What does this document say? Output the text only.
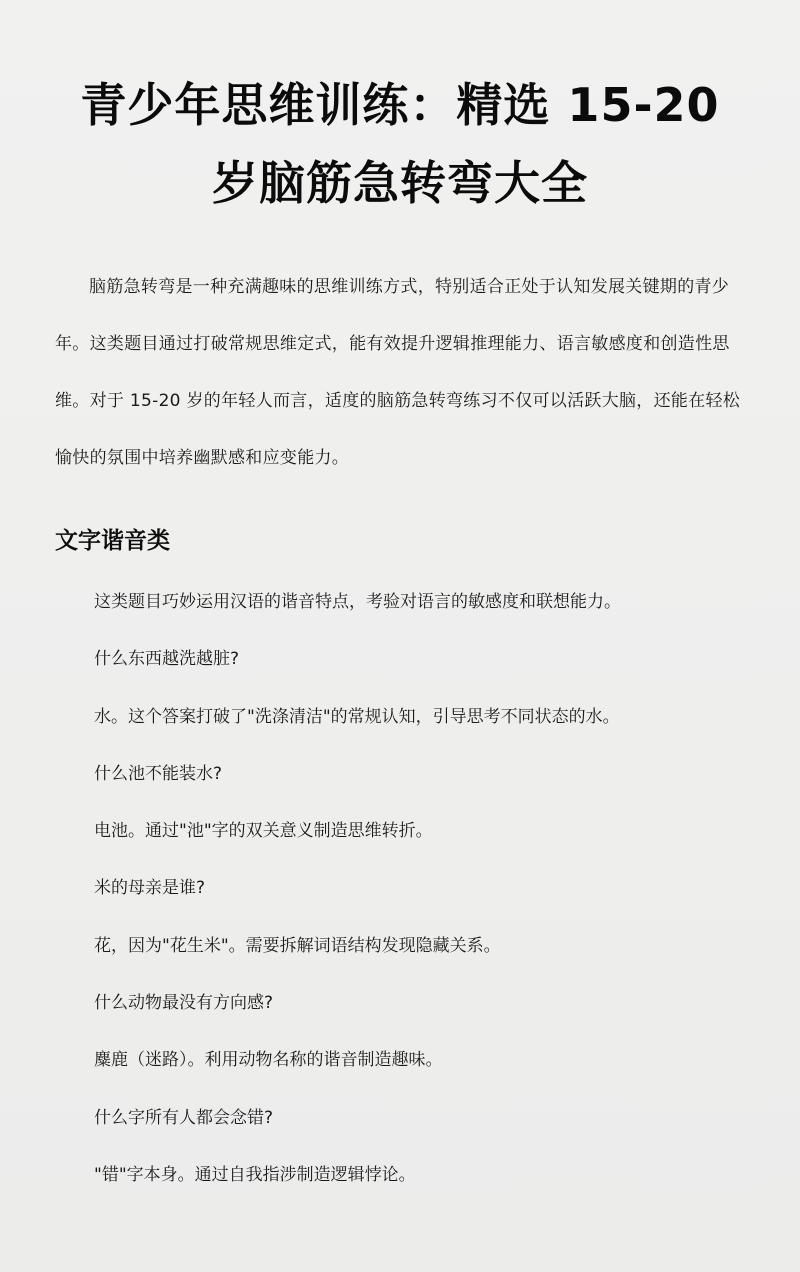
青少年思维训练：精选 15-20
岁脑筋急转弯大全

脑筋急转弯是一种充满趣味的思维训练方式，特别适合正处于认知发展关键期的青少年。这类题目通过打破常规思维定式，能有效提升逻辑推理能力、语言敏感度和创造性思维。对于 15-20 岁的年轻人而言，适度的脑筋急转弯练习不仅可以活跃大脑，还能在轻松愉快的氛围中培养幽默感和应变能力。

文字谐音类
这类题目巧妙运用汉语的谐音特点，考验对语言的敏感度和联想能力。
什么东西越洗越脏?
水。这个答案打破了"洗涤清洁"的常规认知，引导思考不同状态的水。
什么池不能装水?
电池。通过"池"字的双关意义制造思维转折。
米的母亲是谁?
花，因为"花生米"。需要拆解词语结构发现隐藏关系。
什么动物最没有方向感?
麋鹿（迷路）。利用动物名称的谐音制造趣味。
什么字所有人都会念错?
"错"字本身。通过自我指涉制造逻辑悖论。
